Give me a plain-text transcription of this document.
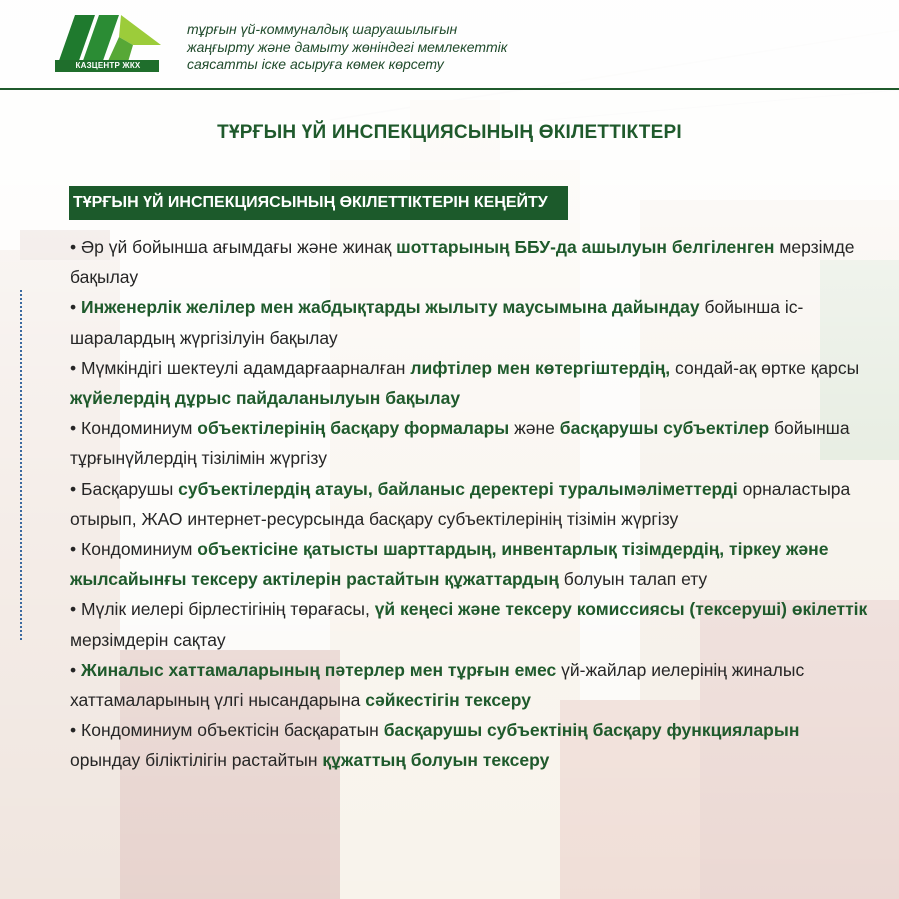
КАЗЦЕНТР ЖКХ
тұрғын үй-коммуналдық шаруашылығын
жаңғырту және дамыту жөніндегі мемлекеттік
саясатты іске асыруға көмек көрсету
ТҰРҒЫН ҮЙ ИНСПЕКЦИЯСЫНЫҢ ӨКІЛЕТТІКТЕРІ
ТҰРҒЫН ҮЙ ИНСПЕКЦИЯСЫНЫҢ ӨКІЛЕТТІКТЕРІН КЕҢЕЙТУ

• Әр үй бойынша ағымдағы және жинақ шоттарының ББУ-да ашылуын белгіленген мерзімде бақылау

• Инженерлік желілер мен жабдықтарды жылыту маусымына дайындау бойынша іс-шаралардың жүргізілуін бақылау

• Мүмкіндігі шектеулі адамдарғаарналған лифтілер мен көтергіштердің, сондай-ақ өртке қарсы жүйелердің дұрыс пайдаланылуын бақылау

• Кондоминиум объектілерінің басқару формалары және басқарушы субъектілер бойынша тұрғынүйлердің тізілімін жүргізу

• Басқарушы субъектілердің атауы, байланыс деректері туралымәліметтерді орналастыра отырып, ЖАО интернет-ресурсында басқару субъектілерінің тізімін жүргізу

• Кондоминиум объектісіне қатысты шарттардың, инвентарлық тізімдердің, тіркеу және жылсайынғы тексеру актілерін растайтын құжаттардың болуын талап ету

• Мүлік иелері бірлестігінің төрағасы, үй кеңесі және тексеру комиссиясы (тексеруші) өкілеттік мерзімдерін сақтау

• Жиналыс хаттамаларының пәтерлер мен тұрғын емес үй-жайлар иелерінің жиналыс хаттамаларының үлгі нысандарына сәйкестігін тексеру

• Кондоминиум объектісін басқаратын басқарушы субъектінің басқару функцияларын орындау біліктілігін растайтын құжаттың болуын тексеру
